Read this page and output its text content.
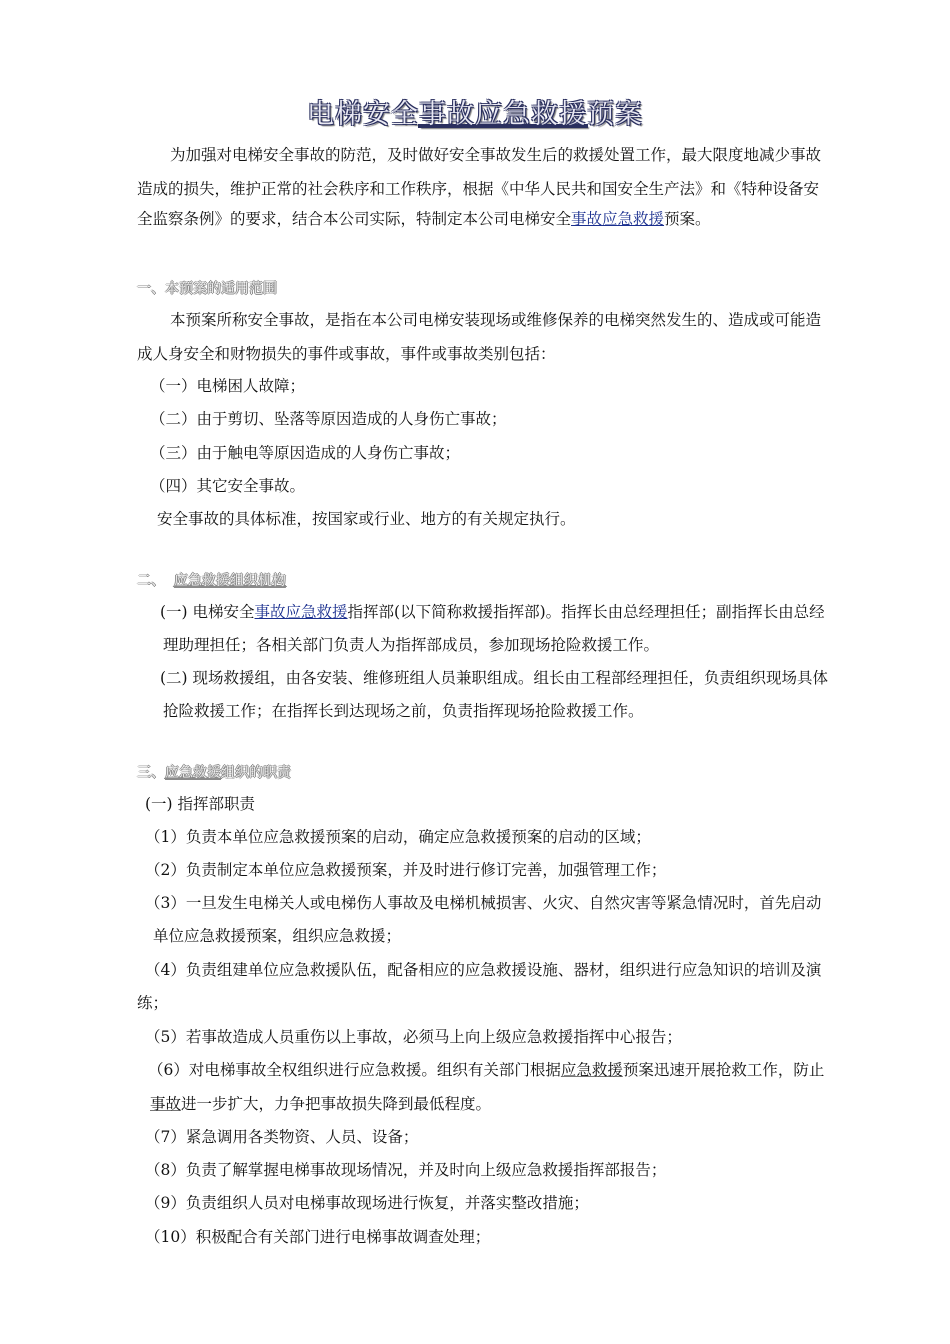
电梯安全事故应急救援预案
为加强对电梯安全事故的防范，及时做好安全事故发生后的救援处置工作，最大限度地减少事故
造成的损失，维护正常的社会秩序和工作秩序，根据《中华人民共和国安全生产法》和《特种设备安
全监察条例》的要求，结合本公司实际，特制定本公司电梯安全事故应急救援预案。
一、本预案的适用范围
本预案所称安全事故，是指在本公司电梯安装现场或维修保养的电梯突然发生的、造成或可能造
成人身安全和财物损失的事件或事故，事件或事故类别包括：
（一）电梯困人故障；
（二）由于剪切、坠落等原因造成的人身伤亡事故；
（三）由于触电等原因造成的人身伤亡事故；
（四）其它安全事故。
安全事故的具体标准，按国家或行业、地方的有关规定执行。
二、 应急救援组织机构
(一) 电梯安全事故应急救援指挥部(以下简称救援指挥部)。指挥长由总经理担任；副指挥长由总经
理助理担任；各相关部门负责人为指挥部成员，参加现场抢险救援工作。
(二) 现场救援组，由各安装、维修班组人员兼职组成。组长由工程部经理担任，负责组织现场具体
抢险救援工作；在指挥长到达现场之前，负责指挥现场抢险救援工作。
三、应急救援组织的职责
(一) 指挥部职责
（1）负责本单位应急救援预案的启动，确定应急救援预案的启动的区域；
（2）负责制定本单位应急救援预案，并及时进行修订完善，加强管理工作；
（3）一旦发生电梯关人或电梯伤人事故及电梯机械损害、火灾、自然灾害等紧急情况时，首先启动
单位应急救援预案，组织应急救援；
（4）负责组建单位应急救援队伍，配备相应的应急救援设施、器材，组织进行应急知识的培训及演
练；
（5）若事故造成人员重伤以上事故，必须马上向上级应急救援指挥中心报告；
（6）对电梯事故全权组织进行应急救援。组织有关部门根据应急救援预案迅速开展抢救工作，防止
事故进一步扩大，力争把事故损失降到最低程度。
（7）紧急调用各类物资、人员、设备；
（8）负责了解掌握电梯事故现场情况，并及时向上级应急救援指挥部报告；
（9）负责组织人员对电梯事故现场进行恢复，并落实整改措施；
（10）积极配合有关部门进行电梯事故调查处理；
